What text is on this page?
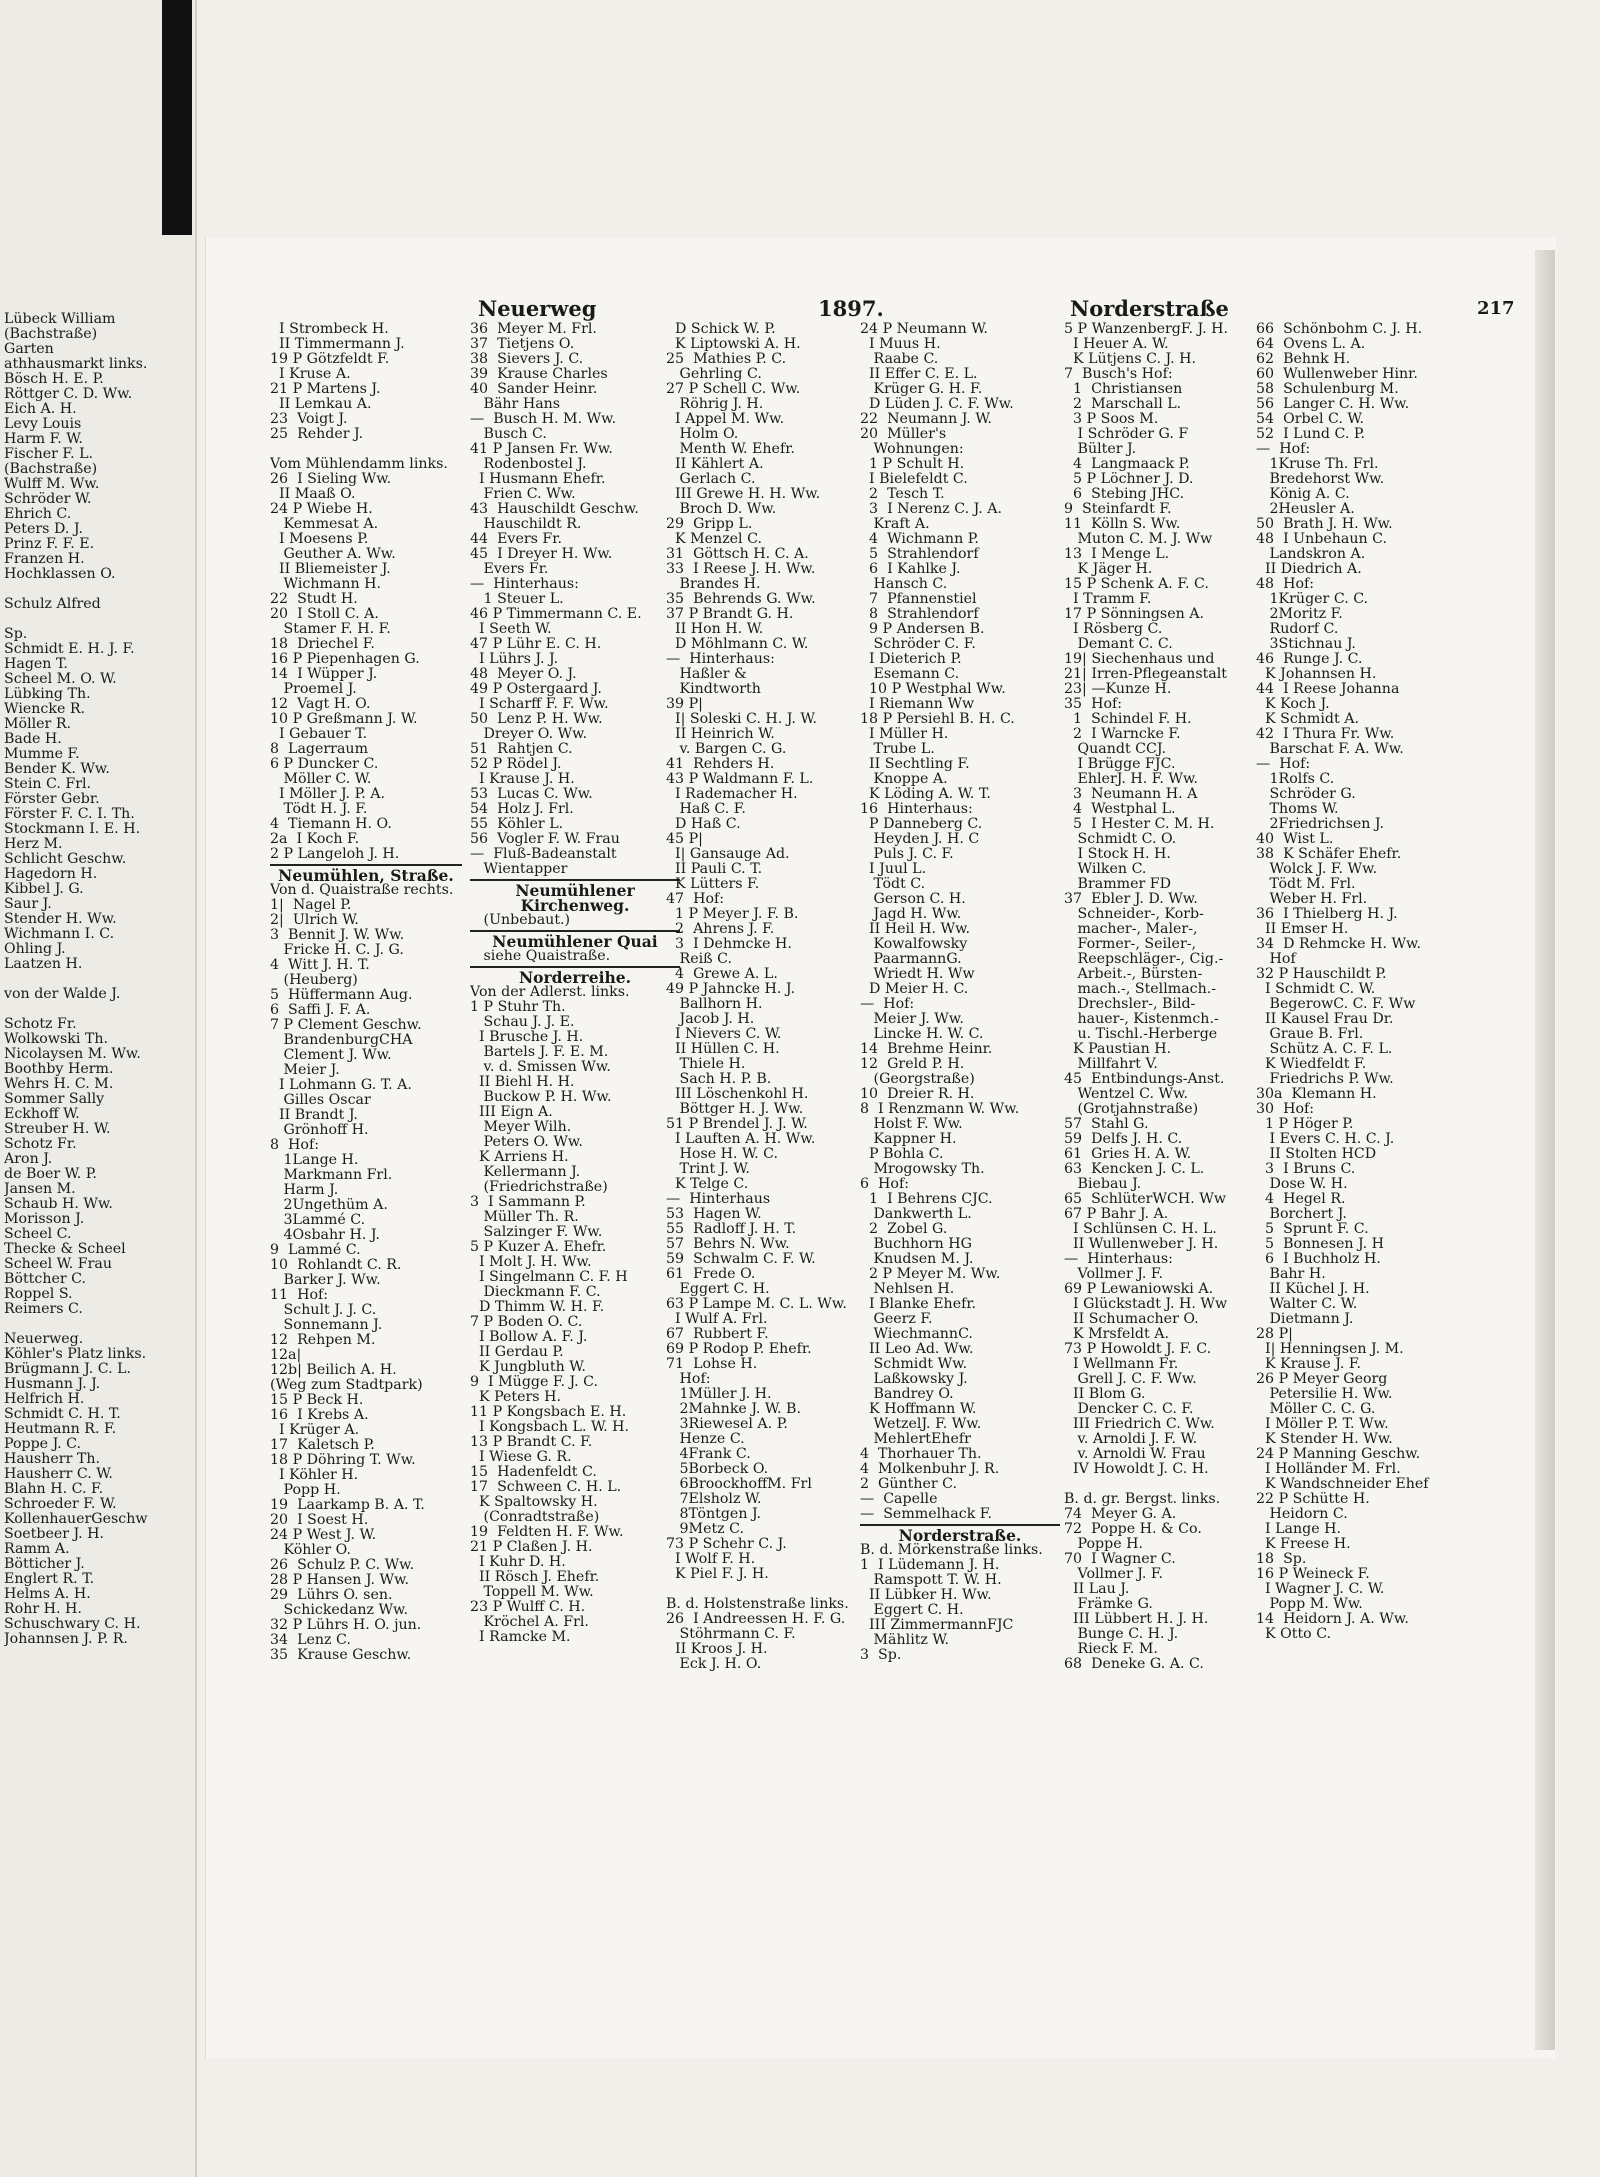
Lübeck William
(Bachstraße)
Garten
athhausmarkt links.
Bösch H. E. P.
Röttger C. D. Ww.
Eich A. H.
Levy Louis
Harm F. W.
Fischer F. L.
(Bachstraße)
Wulff M. Ww.
Schröder W.
Ehrich C.
Peters D. J.
Prinz F. F. E.
Franzen H.
Hochklassen O.
Schulz Alfred
Sp.
Schmidt E. H. J. F.
Hagen T.
Scheel M. O. W.
Lübking Th.
Wiencke R.
Möller R.
Bade H.
Mumme F.
Bender K. Ww.
Stein C. Frl.
Förster Gebr.
Förster F. C. I. Th.
Stockmann I. E. H.
Herz M.
Schlicht Geschw.
Hagedorn H.
Kibbel J. G.
Saur J.
Stender H. Ww.
Wichmann I. C.
Ohling J.
Laatzen H.
von der Walde J.
Schotz Fr.
Wolkowski Th.
Nicolaysen M. Ww.
Boothby Herm.
Wehrs H. C. M.
Sommer Sally
Eckhoff W.
Streuber H. W.
Schotz Fr.
Aron J.
de Boer W. P.
Jansen M.
Schaub H. Ww.
Morisson J.
Scheel C.
Thecke & Scheel
Scheel W. Frau
Böttcher C.
Roppel S.
Reimers C.
Neuerweg.
Köhler's Platz links.
Brügmann J. C. L.
Husmann J. J.
Helfrich H.
Schmidt C. H. T.
Heutmann R. F.
Poppe J. C.
Hausherr Th.
Hausherr C. W.
Blahn H. C. F.
Schroeder F. W.
KollenhauerGeschw
Soetbeer J. H.
Ramm A.
Bötticher J.
Englert R. T.
Helms A. H.
Rohr H. H.
Schuschwary C. H.
Johannsen J. P. R.
Neuerweg	1897.	Norderstraße	217
I Strombeck H.
II Timmermann J.
19 P Götzfeldt F.
I Kruse A.
21 P Martens J.
II Lemkau A.
23  Voigt J.
25  Rehder J.
Vom Mühlendamm links.
26  I Sieling Ww.
II Maaß O.
24 P Wiebe H.
Kemmesat A.
I Moesens P.
Geuther A. Ww.
II Bliemeister J.
Wichmann H.
22  Studt H.
20  I Stoll C. A.
Stamer F. H. F.
18  Driechel F.
16 P Piepenhagen G.
14  I Wüpper J.
Proemel J.
12  Vagt H. O.
10 P Greßmann J. W.
I Gebauer T.
8  Lagerraum
6 P Duncker C.
Möller C. W.
I Möller J. P. A.
Tödt H. J. F.
4  Tiemann H. O.
2a  I Koch F.
2 P Langeloh J. H.
Neumühlen, Straße.
Von d. Quaistraße rechts.
1|  Nagel P.
2|  Ulrich W.
3  Bennit J. W. Ww.
Fricke H. C. J. G.
4  Witt J. H. T.
(Heuberg)
5  Hüffermann Aug.
6  Saffi J. F. A.
7 P Clement Geschw.
BrandenburgCHA
Clement J. Ww.
Meier J.
I Lohmann G. T. A.
Gilles Oscar
II Brandt J.
Grönhoff H.
8  Hof:
1Lange H.
Markmann Frl.
Harm J.
2Ungethüm A.
3Lammé C.
4Osbahr H. J.
9  Lammé C.
10  Rohlandt C. R.
Barker J. Ww.
11  Hof:
Schult J. J. C.
Sonnemann J.
12  Rehpen M.
12a|
12b| Beilich A. H.
(Weg zum Stadtpark)
15 P Beck H.
16  I Krebs A.
I Krüger A.
17  Kaletsch P.
18 P Döhring T. Ww.
I Köhler H.
Popp H.
19  Laarkamp B. A. T.
20  I Soest H.
24 P West J. W.
Köhler O.
26  Schulz P. C. Ww.
28 P Hansen J. Ww.
29  Lührs O. sen.
Schickedanz Ww.
32 P Lührs H. O. jun.
34  Lenz C.
35  Krause Geschw.
36  Meyer M. Frl.
37  Tietjens O.
38  Sievers J. C.
39  Krause Charles
40  Sander Heinr.
Bähr Hans
—  Busch H. M. Ww.
Busch C.
41 P Jansen Fr. Ww.
Rodenbostel J.
I Husmann Ehefr.
Frien C. Ww.
43  Hauschildt Geschw.
Hauschildt R.
44  Evers Fr.
45  I Dreyer H. Ww.
Evers Fr.
—  Hinterhaus:
1 Steuer L.
46 P Timmermann C. E.
I Seeth W.
47 P Lühr E. C. H.
I Lührs J. J.
48  Meyer O. J.
49 P Ostergaard J.
I Scharff F. F. Ww.
50  Lenz P. H. Ww.
Dreyer O. Ww.
51  Rahtjen C.
52 P Rödel J.
I Krause J. H.
53  Lucas C. Ww.
54  Holz J. Frl.
55  Köhler L.
56  Vogler F. W. Frau
—  Fluß-Badeanstalt
Wientapper
Neumühlener
Kirchenweg.
(Unbebaut.)
Neumühlener Quai
siehe Quaistraße.
Norderreihe.
Von der Adlerst. links.
1 P Stuhr Th.
Schau J. J. E.
I Brusche J. H.
Bartels J. F. E. M.
v. d. Smissen Ww.
II Biehl H. H.
Buckow P. H. Ww.
III Eign A.
Meyer Wilh.
Peters O. Ww.
K Arriens H.
Kellermann J.
(Friedrichstraße)
3  I Sammann P.
Müller Th. R.
Salzinger F. Ww.
5 P Kuzer A. Ehefr.
I Molt J. H. Ww.
I Singelmann C. F. H
Dieckmann F. C.
D Thimm W. H. F.
7 P Boden O. C.
I Bollow A. F. J.
II Gerdau P.
K Jungbluth W.
9  I Mügge F. J. C.
K Peters H.
11 P Kongsbach E. H.
I Kongsbach L. W. H.
13 P Brandt C. F.
I Wiese G. R.
15  Hadenfeldt C.
17  Schween C. H. L.
K Spaltowsky H.
(Conradtstraße)
19  Feldten H. F. Ww.
21 P Claßen J. H.
I Kuhr D. H.
II Rösch J. Ehefr.
Toppell M. Ww.
23 P Wulff C. H.
Kröchel A. Frl.
I Ramcke M.
D Schick W. P.
K Liptowski A. H.
25  Mathies P. C.
Gehrling C.
27 P Schell C. Ww.
Röhrig J. H.
I Appel M. Ww.
Holm O.
Menth W. Ehefr.
II Kählert A.
Gerlach C.
III Grewe H. H. Ww.
Broch D. Ww.
29  Gripp L.
K Menzel C.
31  Göttsch H. C. A.
33  I Reese J. H. Ww.
Brandes H.
35  Behrends G. Ww.
37 P Brandt G. H.
II Hon H. W.
D Möhlmann C. W.
—  Hinterhaus:
Haßler &
Kindtworth
39 P|
I| Soleski C. H. J. W.
II Heinrich W.
v. Bargen C. G.
41  Rehders H.
43 P Waldmann F. L.
I Rademacher H.
Haß C. F.
D Haß C.
45 P|
I| Gansauge Ad.
II Pauli C. T.
K Lütters F.
47  Hof:
1 P Meyer J. F. B.
2  Ahrens J. F.
3  I Dehmcke H.
Reiß C.
4  Grewe A. L.
49 P Jahncke H. J.
Ballhorn H.
Jacob J. H.
I Nievers C. W.
II Hüllen C. H.
Thiele H.
Sach H. P. B.
III Löschenkohl H.
Böttger H. J. Ww.
51 P Brendel J. J. W.
I Lauften A. H. Ww.
Hose H. W. C.
Trint J. W.
K Telge C.
—  Hinterhaus
53  Hagen W.
55  Radloff J. H. T.
57  Behrs N. Ww.
59  Schwalm C. F. W.
61  Frede O.
Eggert C. H.
63 P Lampe M. C. L. Ww.
I Wulf A. Frl.
67  Rubbert F.
69 P Rodop P. Ehefr.
71  Lohse H.
Hof:
1Müller J. H.
2Mahnke J. W. B.
3Riewesel A. P.
Henze C.
4Frank C.
5Borbeck O.
6BroockhoffM. Frl
7Elsholz W.
8Töntgen J.
9Metz C.
73 P Schehr C. J.
I Wolf F. H.
K Piel F. J. H.
B. d. Holstenstraße links.
26  I Andreessen H. F. G.
Stöhrmann C. F.
II Kroos J. H.
Eck J. H. O.
24 P Neumann W.
I Muus H.
Raabe C.
II Effer C. E. L.
Krüger G. H. F.
D Lüden J. C. F. Ww.
22  Neumann J. W.
20  Müller's
Wohnungen:
1 P Schult H.
I Bielefeldt C.
2  Tesch T.
3  I Nerenz C. J. A.
Kraft A.
4  Wichmann P.
5  Strahlendorf
6  I Kahlke J.
Hansch C.
7  Pfannenstiel
8  Strahlendorf
9 P Andersen B.
Schröder C. F.
I Dieterich P.
Esemann C.
10 P Westphal Ww.
I Riemann Ww
18 P Persiehl B. H. C.
I Müller H.
Trube L.
II Sechtling F.
Knoppe A.
K Löding A. W. T.
16  Hinterhaus:
P Danneberg C.
Heyden J. H. C
Puls J. C. F.
I Juul L.
Tödt C.
Gerson C. H.
Jagd H. Ww.
II Heil H. Ww.
Kowalfowsky
PaarmannG.
Wriedt H. Ww
D Meier H. C.
—  Hof:
Meier J. Ww.
Lincke H. W. C.
14  Brehme Heinr.
12  Greld P. H.
(Georgstraße)
10  Dreier R. H.
8  I Renzmann W. Ww.
Holst F. Ww.
Kappner H.
P Bohla C.
Mrogowsky Th.
6  Hof:
1  I Behrens CJC.
Dankwerth L.
2  Zobel G.
Buchhorn HG
Knudsen M. J.
2 P Meyer M. Ww.
Nehlsen H.
I Blanke Ehefr.
Geerz F.
WiechmannC.
II Leo Ad. Ww.
Schmidt Ww.
Laßkowsky J.
Bandrey O.
K Hoffmann W.
WetzelJ. F. Ww.
MehlertEhefr
4  Thorhauer Th.
4  Molkenbuhr J. R.
2  Günther C.
—  Capelle
—  Semmelhack F.
Norderstraße.
B. d. Mörkenstraße links.
1  I Lüdemann J. H.
Ramspott T. W. H.
II Lübker H. Ww.
Eggert C. H.
III ZimmermannFJC
Mählitz W.
3  Sp.
5 P WanzenbergF. J. H.
I Heuer A. W.
K Lütjens C. J. H.
7  Busch's Hof:
1  Christiansen
2  Marschall L.
3 P Soos M.
I Schröder G. F
Bülter J.
4  Langmaack P.
5 P Löchner J. D.
6  Stebing JHC.
9  Steinfardt F.
11  Kölln S. Ww.
Muton C. M. J. Ww
13  I Menge L.
K Jäger H.
15 P Schenk A. F. C.
I Tramm F.
17 P Sönningsen A.
I Rösberg C.
Demant C. C.
19| Siechenhaus und
21| Irren-Pflegeanstalt
23| —Kunze H.
35  Hof:
1  Schindel F. H.
2  I Warncke F.
Quandt CCJ.
I Brügge FJC.
EhlerJ. H. F. Ww.
3  Neumann H. A
4  Westphal L.
5  I Hester C. M. H.
Schmidt C. O.
I Stock H. H.
Wilken C.
Brammer FD
37  Ebler J. D. Ww.
Schneider-, Korb-
macher-, Maler-,
Former-, Seiler-,
Reepschläger-, Cig.-
Arbeit.-, Bürsten-
mach.-, Stellmach.-
Drechsler-, Bild-
hauer-, Kistenmch.-
u. Tischl.-Herberge
K Paustian H.
Millfahrt V.
45  Entbindungs-Anst.
Wentzel C. Ww.
(Grotjahnstraße)
57  Stahl G.
59  Delfs J. H. C.
61  Gries H. A. W.
63  Kencken J. C. L.
Biebau J.
65  SchlüterWCH. Ww
67 P Bahr J. A.
I Schlünsen C. H. L.
II Wullenweber J. H.
—  Hinterhaus:
Vollmer J. F.
69 P Lewaniowski A.
I Glückstadt J. H. Ww
II Schumacher O.
K Mrsfeldt A.
73 P Howoldt J. F. C.
I Wellmann Fr.
Grell J. C. F. Ww.
II Blom G.
Dencker C. C. F.
III Friedrich C. Ww.
v. Arnoldi J. F. W.
v. Arnoldi W. Frau
IV Howoldt J. C. H.
B. d. gr. Bergst. links.
74  Meyer G. A.
72  Poppe H. & Co.
Poppe H.
70  I Wagner C.
Vollmer J. F.
II Lau J.
Främke G.
III Lübbert H. J. H.
Bunge C. H. J.
Rieck F. M.
68  Deneke G. A. C.
66  Schönbohm C. J. H.
64  Ovens L. A.
62  Behnk H.
60  Wullenweber Hinr.
58  Schulenburg M.
56  Langer C. H. Ww.
54  Orbel C. W.
52  I Lund C. P.
—  Hof:
1Kruse Th. Frl.
Bredehorst Ww.
König A. C.
2Heusler A.
50  Brath J. H. Ww.
48  I Unbehaun C.
Landskron A.
II Diedrich A.
48  Hof:
1Krüger C. C.
2Moritz F.
Rudorf C.
3Stichnau J.
46  Runge J. C.
K Johannsen H.
44  I Reese Johanna
K Koch J.
K Schmidt A.
42  I Thura Fr. Ww.
Barschat F. A. Ww.
—  Hof:
1Rolfs C.
Schröder G.
Thoms W.
2Friedrichsen J.
40  Wist L.
38  K Schäfer Ehefr.
Wolck J. F. Ww.
Tödt M. Frl.
Weber H. Frl.
36  I Thielberg H. J.
II Emser H.
34  D Rehmcke H. Ww.
Hof
32 P Hauschildt P.
I Schmidt C. W.
BegerowC. C. F. Ww
II Kausel Frau Dr.
Graue B. Frl.
Schütz A. C. F. L.
K Wiedfeldt F.
Friedrichs P. Ww.
30a  Klemann H.
30  Hof:
1 P Höger P.
I Evers C. H. C. J.
II Stolten HCD
3  I Bruns C.
Dose W. H.
4  Hegel R.
Borchert J.
5  Sprunt F. C.
5  Bonnesen J. H
6  I Buchholz H.
Bahr H.
II Küchel J. H.
Walter C. W.
Dietmann J.
28 P|
I| Henningsen J. M.
K Krause J. F.
26 P Meyer Georg
Petersilie H. Ww.
Möller C. C. G.
I Möller P. T. Ww.
K Stender H. Ww.
24 P Manning Geschw.
I Holländer M. Frl.
K Wandschneider Ehef
22 P Schütte H.
Heidorn C.
I Lange H.
K Freese H.
18  Sp.
16 P Weineck F.
I Wagner J. C. W.
Popp M. Ww.
14  Heidorn J. A. Ww.
K Otto C.
